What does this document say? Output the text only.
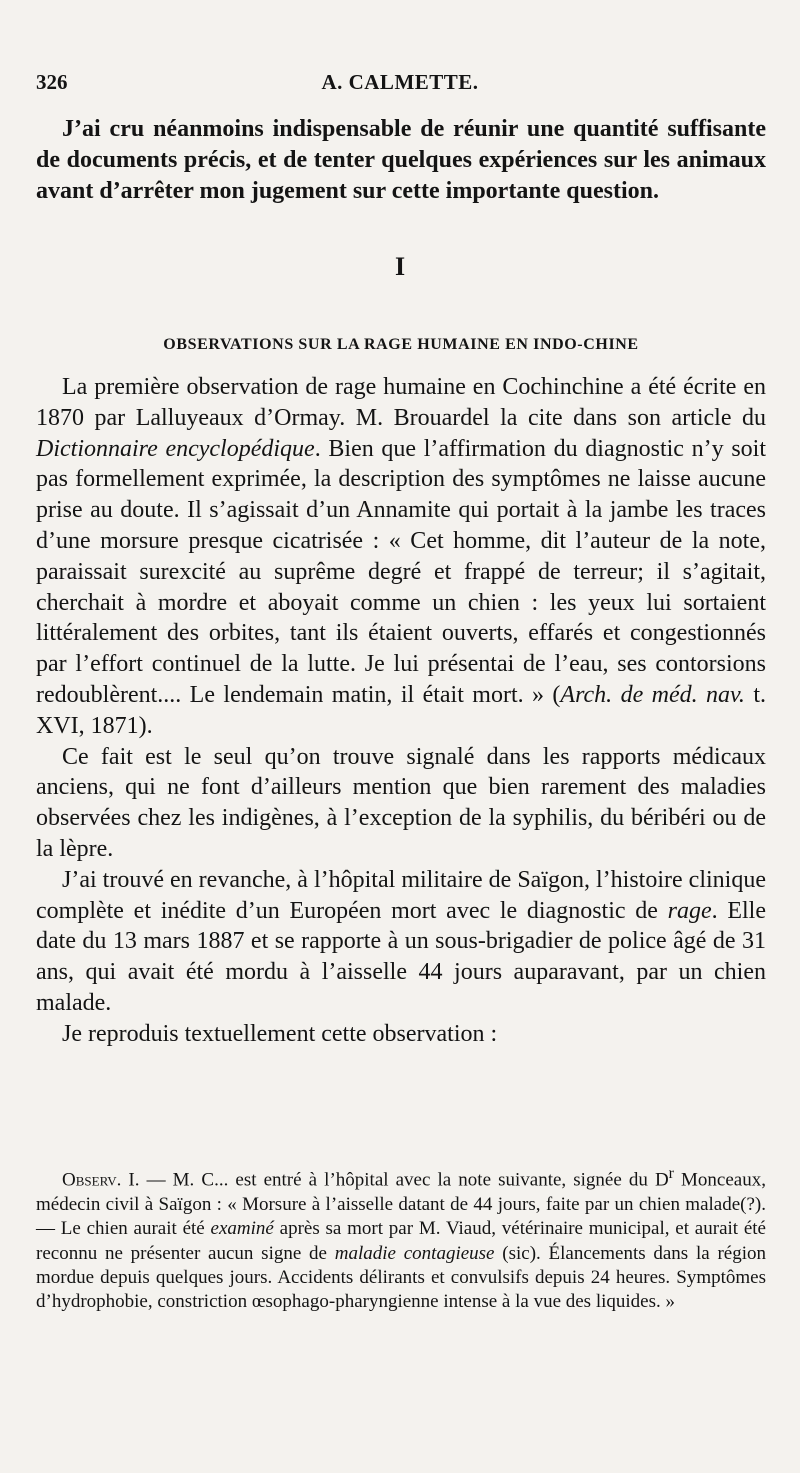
326	A. CALMETTE.

J’ai cru néanmoins indispensable de réunir une quantité suffisante de documents précis, et de tenter quelques expériences sur les animaux avant d’arrêter mon jugement sur cette importante question.

I
OBSERVATIONS SUR LA RAGE HUMAINE EN INDO-CHINE

La première observation de rage humaine en Cochinchine a été écrite en 1870 par Lalluyeaux d’Ormay. M. Brouardel la cite dans son article du Dictionnaire encyclopédique. Bien que l’affirmation du diagnostic n’y soit pas formellement exprimée, la description des symptômes ne laisse aucune prise au doute. Il s’agissait d’un Annamite qui portait à la jambe les traces d’une morsure presque cicatrisée : « Cet homme, dit l’auteur de la note, paraissait surexcité au suprême degré et frappé de terreur; il s’agitait, cherchait à mordre et aboyait comme un chien : les yeux lui sortaient littéralement des orbites, tant ils étaient ouverts, effarés et congestionnés par l’effort continuel de la lutte. Je lui présentai de l’eau, ses contorsions redoublèrent.... Le lendemain matin, il était mort. » (Arch. de méd. nav. t. XVI, 1871).

Ce fait est le seul qu’on trouve signalé dans les rapports médicaux anciens, qui ne font d’ailleurs mention que bien rarement des maladies observées chez les indigènes, à l’exception de la syphilis, du béribéri ou de la lèpre.

J’ai trouvé en revanche, à l’hôpital militaire de Saïgon, l’histoire clinique complète et inédite d’un Européen mort avec le diagnostic de rage. Elle date du 13 mars 1887 et se rapporte à un sous-brigadier de police âgé de 31 ans, qui avait été mordu à l’aisselle 44 jours auparavant, par un chien malade.

Je reproduis textuellement cette observation :

Observ. I. — M. C... est entré à l’hôpital avec la note suivante, signée du $D^r$ Monceaux, médecin civil à Saïgon : « Morsure à l’aisselle datant de 44 jours, faite par un chien malade(?). — Le chien aurait été examiné après sa mort par M. Viaud, vétérinaire municipal, et aurait été reconnu ne présenter aucun signe de maladie contagieuse (sic). Élancements dans la région mordue depuis quelques jours. Accidents délirants et convulsifs depuis 24 heures. Symptômes d’hydrophobie, constriction œsophago-pharyngienne intense à la vue des liquides. »
